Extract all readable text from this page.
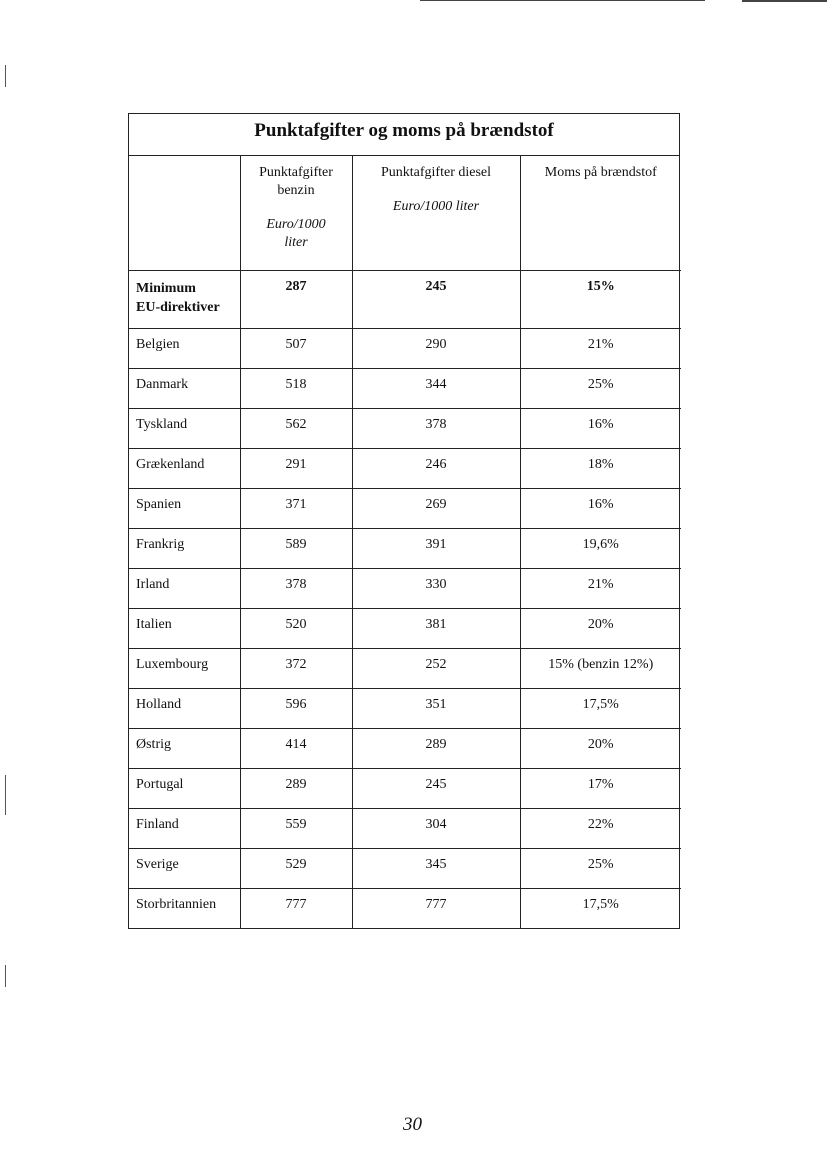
Punktafgifter og moms på brændstof
	Punktafgifter
benzin
Euro/1000
liter	Punktafgifter diesel
Euro/1000 liter	Moms på brændstof
Minimum
EU-direktiver	287	245	15%
Belgien	507	290	21%
Danmark	518	344	25%
Tyskland	562	378	16%
Grækenland	291	246	18%
Spanien	371	269	16%
Frankrig	589	391	19,6%
Irland	378	330	21%
Italien	520	381	20%
Luxembourg	372	252	15% (benzin 12%)
Holland	596	351	17,5%
Østrig	414	289	20%
Portugal	289	245	17%
Finland	559	304	22%
Sverige	529	345	25%
Storbritannien	777	777	17,5%
30
